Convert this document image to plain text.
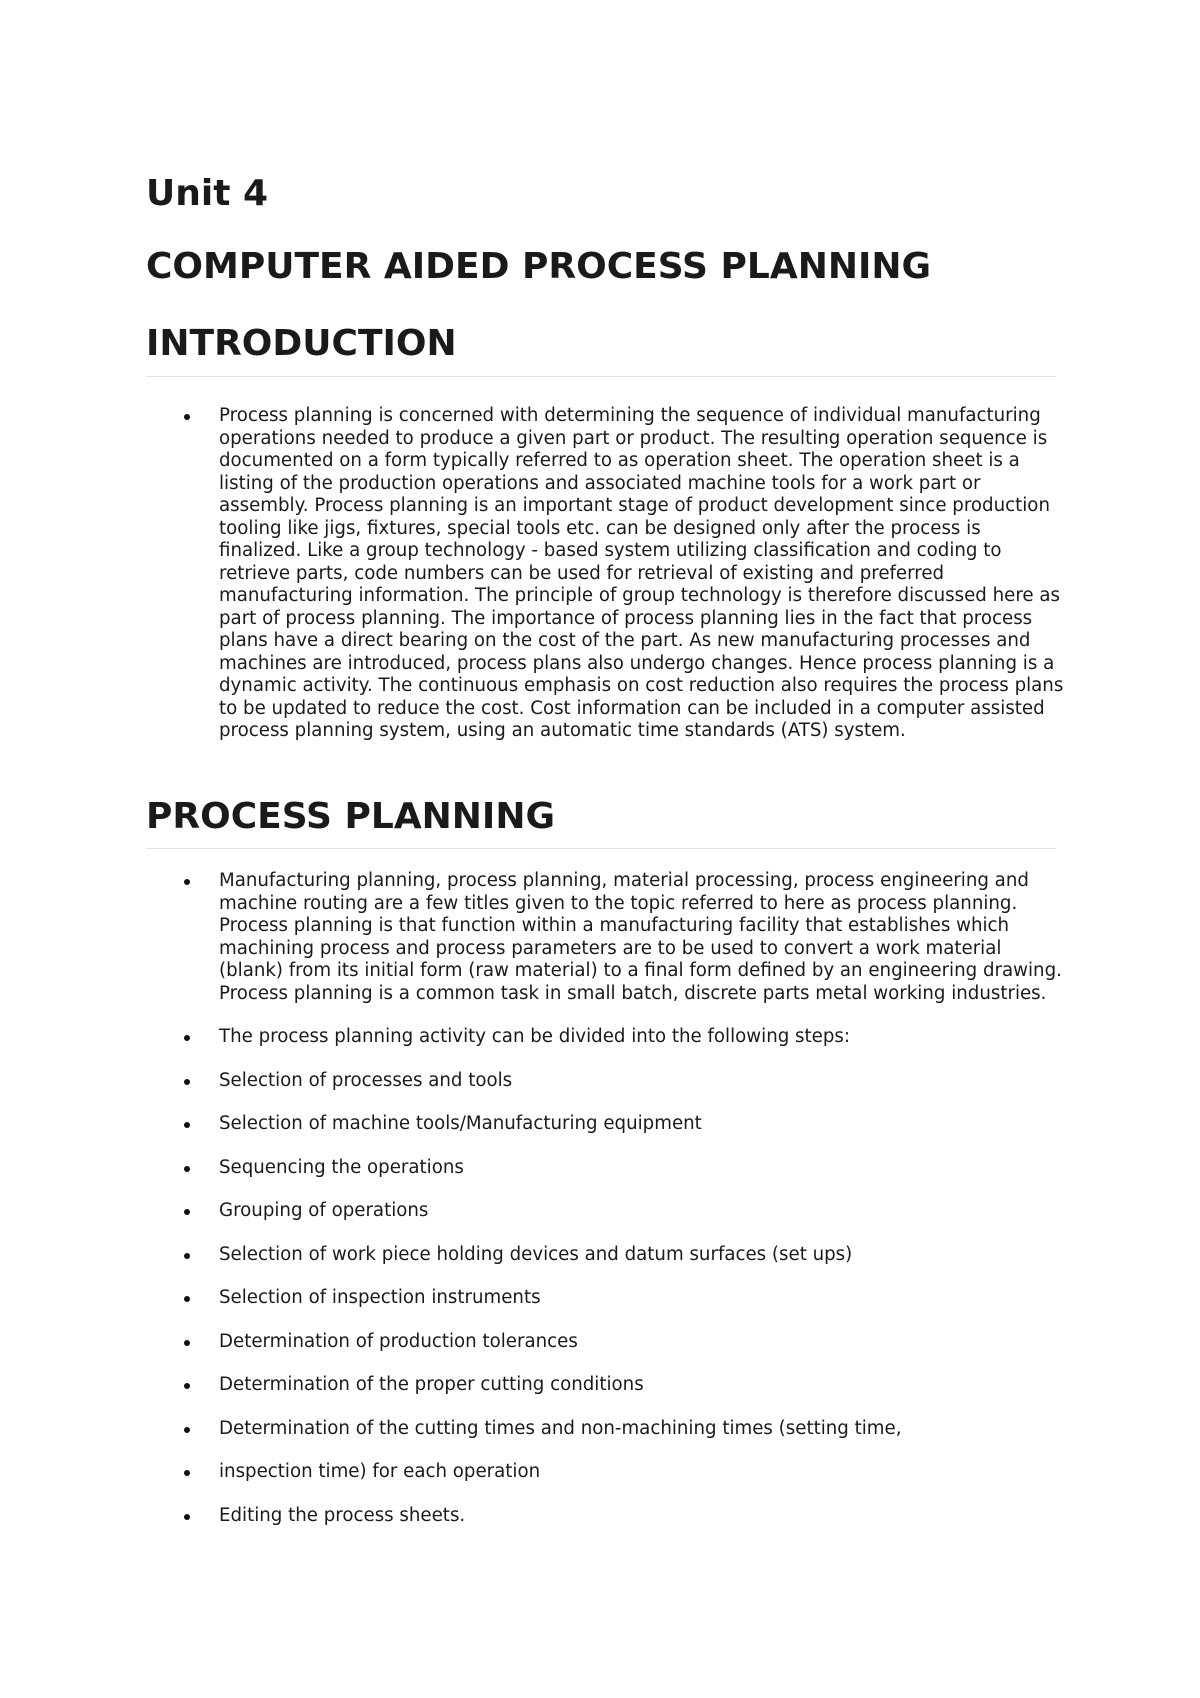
Unit 4
COMPUTER AIDED PROCESS PLANNING
INTRODUCTION
Process planning is concerned with determining the sequence of individual manufacturing operations needed to produce a given part or product. The resulting operation sequence is documented on a form typically referred to as operation sheet. The operation sheet is a listing of the production operations and associated machine tools for a work part or assembly. Process planning is an important stage of product development since production tooling like jigs, fixtures, special tools etc. can be designed only after the process is finalized. Like a group technology - based system utilizing classification and coding to retrieve parts, code numbers can be used for retrieval of existing and preferred manufacturing information. The principle of group technology is therefore discussed here as part of process planning. The importance of process planning lies in the fact that process plans have a direct bearing on the cost of the part. As new manufacturing processes and machines are introduced, process plans also undergo changes. Hence process planning is a dynamic activity. The continuous emphasis on cost reduction also requires the process plans to be updated to reduce the cost. Cost information can be included in a computer assisted process planning system, using an automatic time standards (ATS) system.
PROCESS PLANNING
Manufacturing planning, process planning, material processing, process engineering and machine routing are a few titles given to the topic referred to here as process planning. Process planning is that function within a manufacturing facility that establishes which machining process and process parameters are to be used to convert a work material (blank) from its initial form (raw material) to a final form defined by an engineering drawing. Process planning is a common task in small batch, discrete parts metal working industries.
The process planning activity can be divided into the following steps:
Selection of processes and tools
Selection of machine tools/Manufacturing equipment
Sequencing the operations
Grouping of operations
Selection of work piece holding devices and datum surfaces (set ups)
Selection of inspection instruments
Determination of production tolerances
Determination of the proper cutting conditions
Determination of the cutting times and non-machining times (setting time,
inspection time) for each operation
Editing the process sheets.
